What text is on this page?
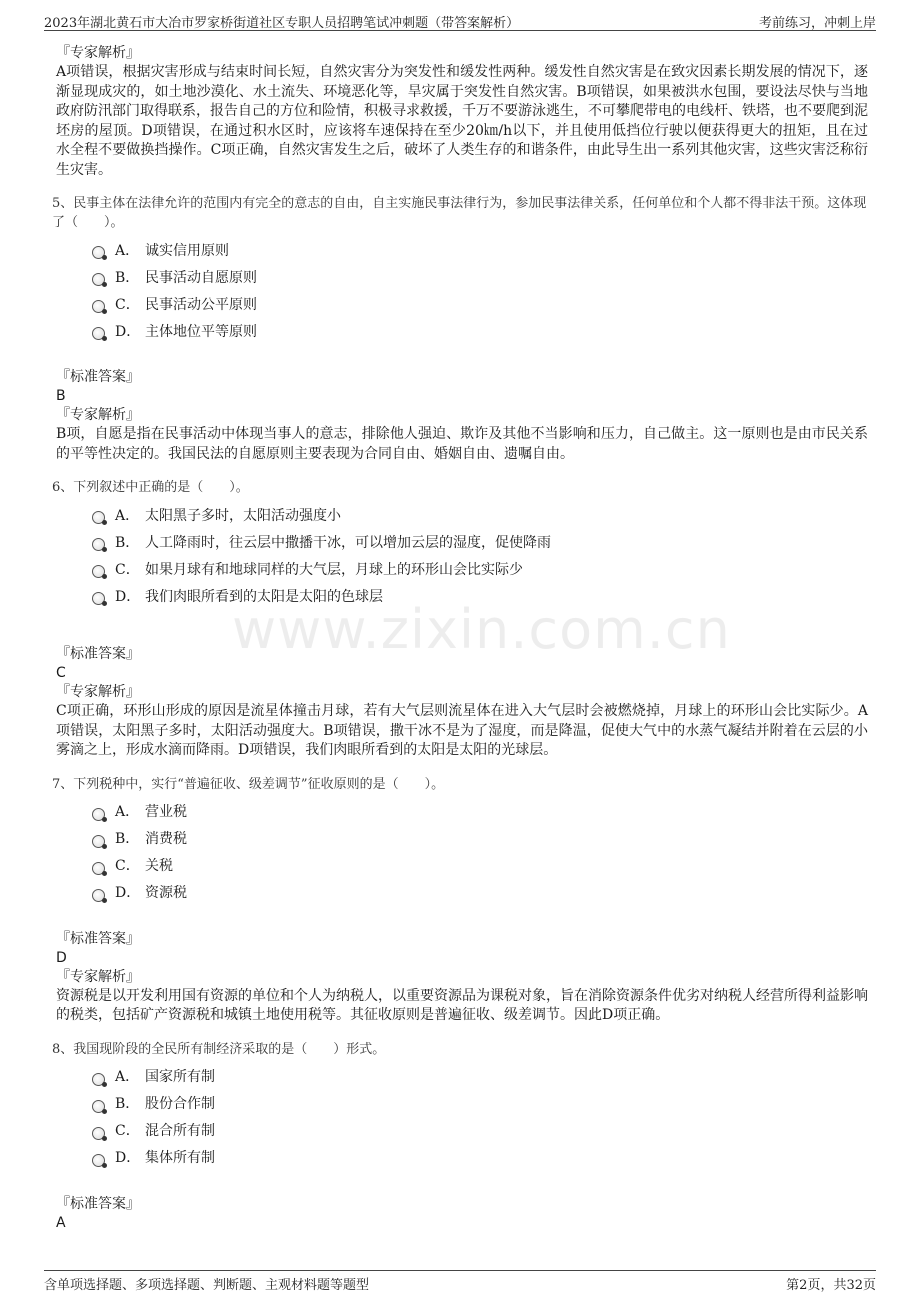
2023年湖北黄石市大冶市罗家桥街道社区专职人员招聘笔试冲刺题（带答案解析）	考前练习，冲刺上岸
www.zixin.com.cn

『专家解析』

A项错误，根据灾害形成与结束时间长短，自然灾害分为突发性和缓发性两种。缓发性自然灾害是在致灾因素长期发展的情况下，逐渐显现成灾的，如土地沙漠化、水土流失、环境恶化等，旱灾属于突发性自然灾害。B项错误，如果被洪水包围，要设法尽快与当地政府防汛部门取得联系，报告自己的方位和险情，积极寻求救援，千万不要游泳逃生，不可攀爬带电的电线杆、铁塔，也不要爬到泥坯房的屋顶。D项错误，在通过积水区时，应该将车速保持在至少20㎞/h以下，并且使用低挡位行驶以便获得更大的扭矩，且在过水全程不要做换挡操作。C项正确，自然灾害发生之后，破坏了人类生存的和谐条件，由此导生出一系列其他灾害，这些灾害泛称衍生灾害。

5、民事主体在法律允许的范围内有完全的意志的自由，自主实施民事法律行为，参加民事法律关系，任何单位和个人都不得非法干预。这体现了（　　）。

A． 诚实信用原则
B． 民事活动自愿原则
C． 民事活动公平原则
D． 主体地位平等原则

『标准答案』

B

『专家解析』

B项，自愿是指在民事活动中体现当事人的意志，排除他人强迫、欺诈及其他不当影响和压力，自己做主。这一原则也是由市民关系的平等性决定的。我国民法的自愿原则主要表现为合同自由、婚姻自由、遗嘱自由。

6、下列叙述中正确的是（　　）。

A． 太阳黑子多时，太阳活动强度小
B． 人工降雨时，往云层中撒播干冰，可以增加云层的湿度，促使降雨
C． 如果月球有和地球同样的大气层，月球上的环形山会比实际少
D． 我们肉眼所看到的太阳是太阳的色球层

『标准答案』

C

『专家解析』

C项正确，环形山形成的原因是流星体撞击月球，若有大气层则流星体在进入大气层时会被燃烧掉，月球上的环形山会比实际少。A项错误，太阳黑子多时，太阳活动强度大。B项错误，撒干冰不是为了湿度，而是降温，促使大气中的水蒸气凝结并附着在云层的小雾滴之上，形成水滴而降雨。D项错误，我们肉眼所看到的太阳是太阳的光球层。

7、下列税种中，实行“普遍征收、级差调节”征收原则的是（　　）。

A． 营业税
B． 消费税
C． 关税
D． 资源税

『标准答案』

D

『专家解析』

资源税是以开发利用国有资源的单位和个人为纳税人，以重要资源品为课税对象，旨在消除资源条件优劣对纳税人经营所得利益影响的税类，包括矿产资源税和城镇土地使用税等。其征收原则是普遍征收、级差调节。因此D项正确。

8、我国现阶段的全民所有制经济采取的是（　　）形式。

A． 国家所有制
B． 股份合作制
C． 混合所有制
D． 集体所有制

『标准答案』

A

含单项选择题、多项选择题、判断题、主观材料题等题型	第2页，共32页
